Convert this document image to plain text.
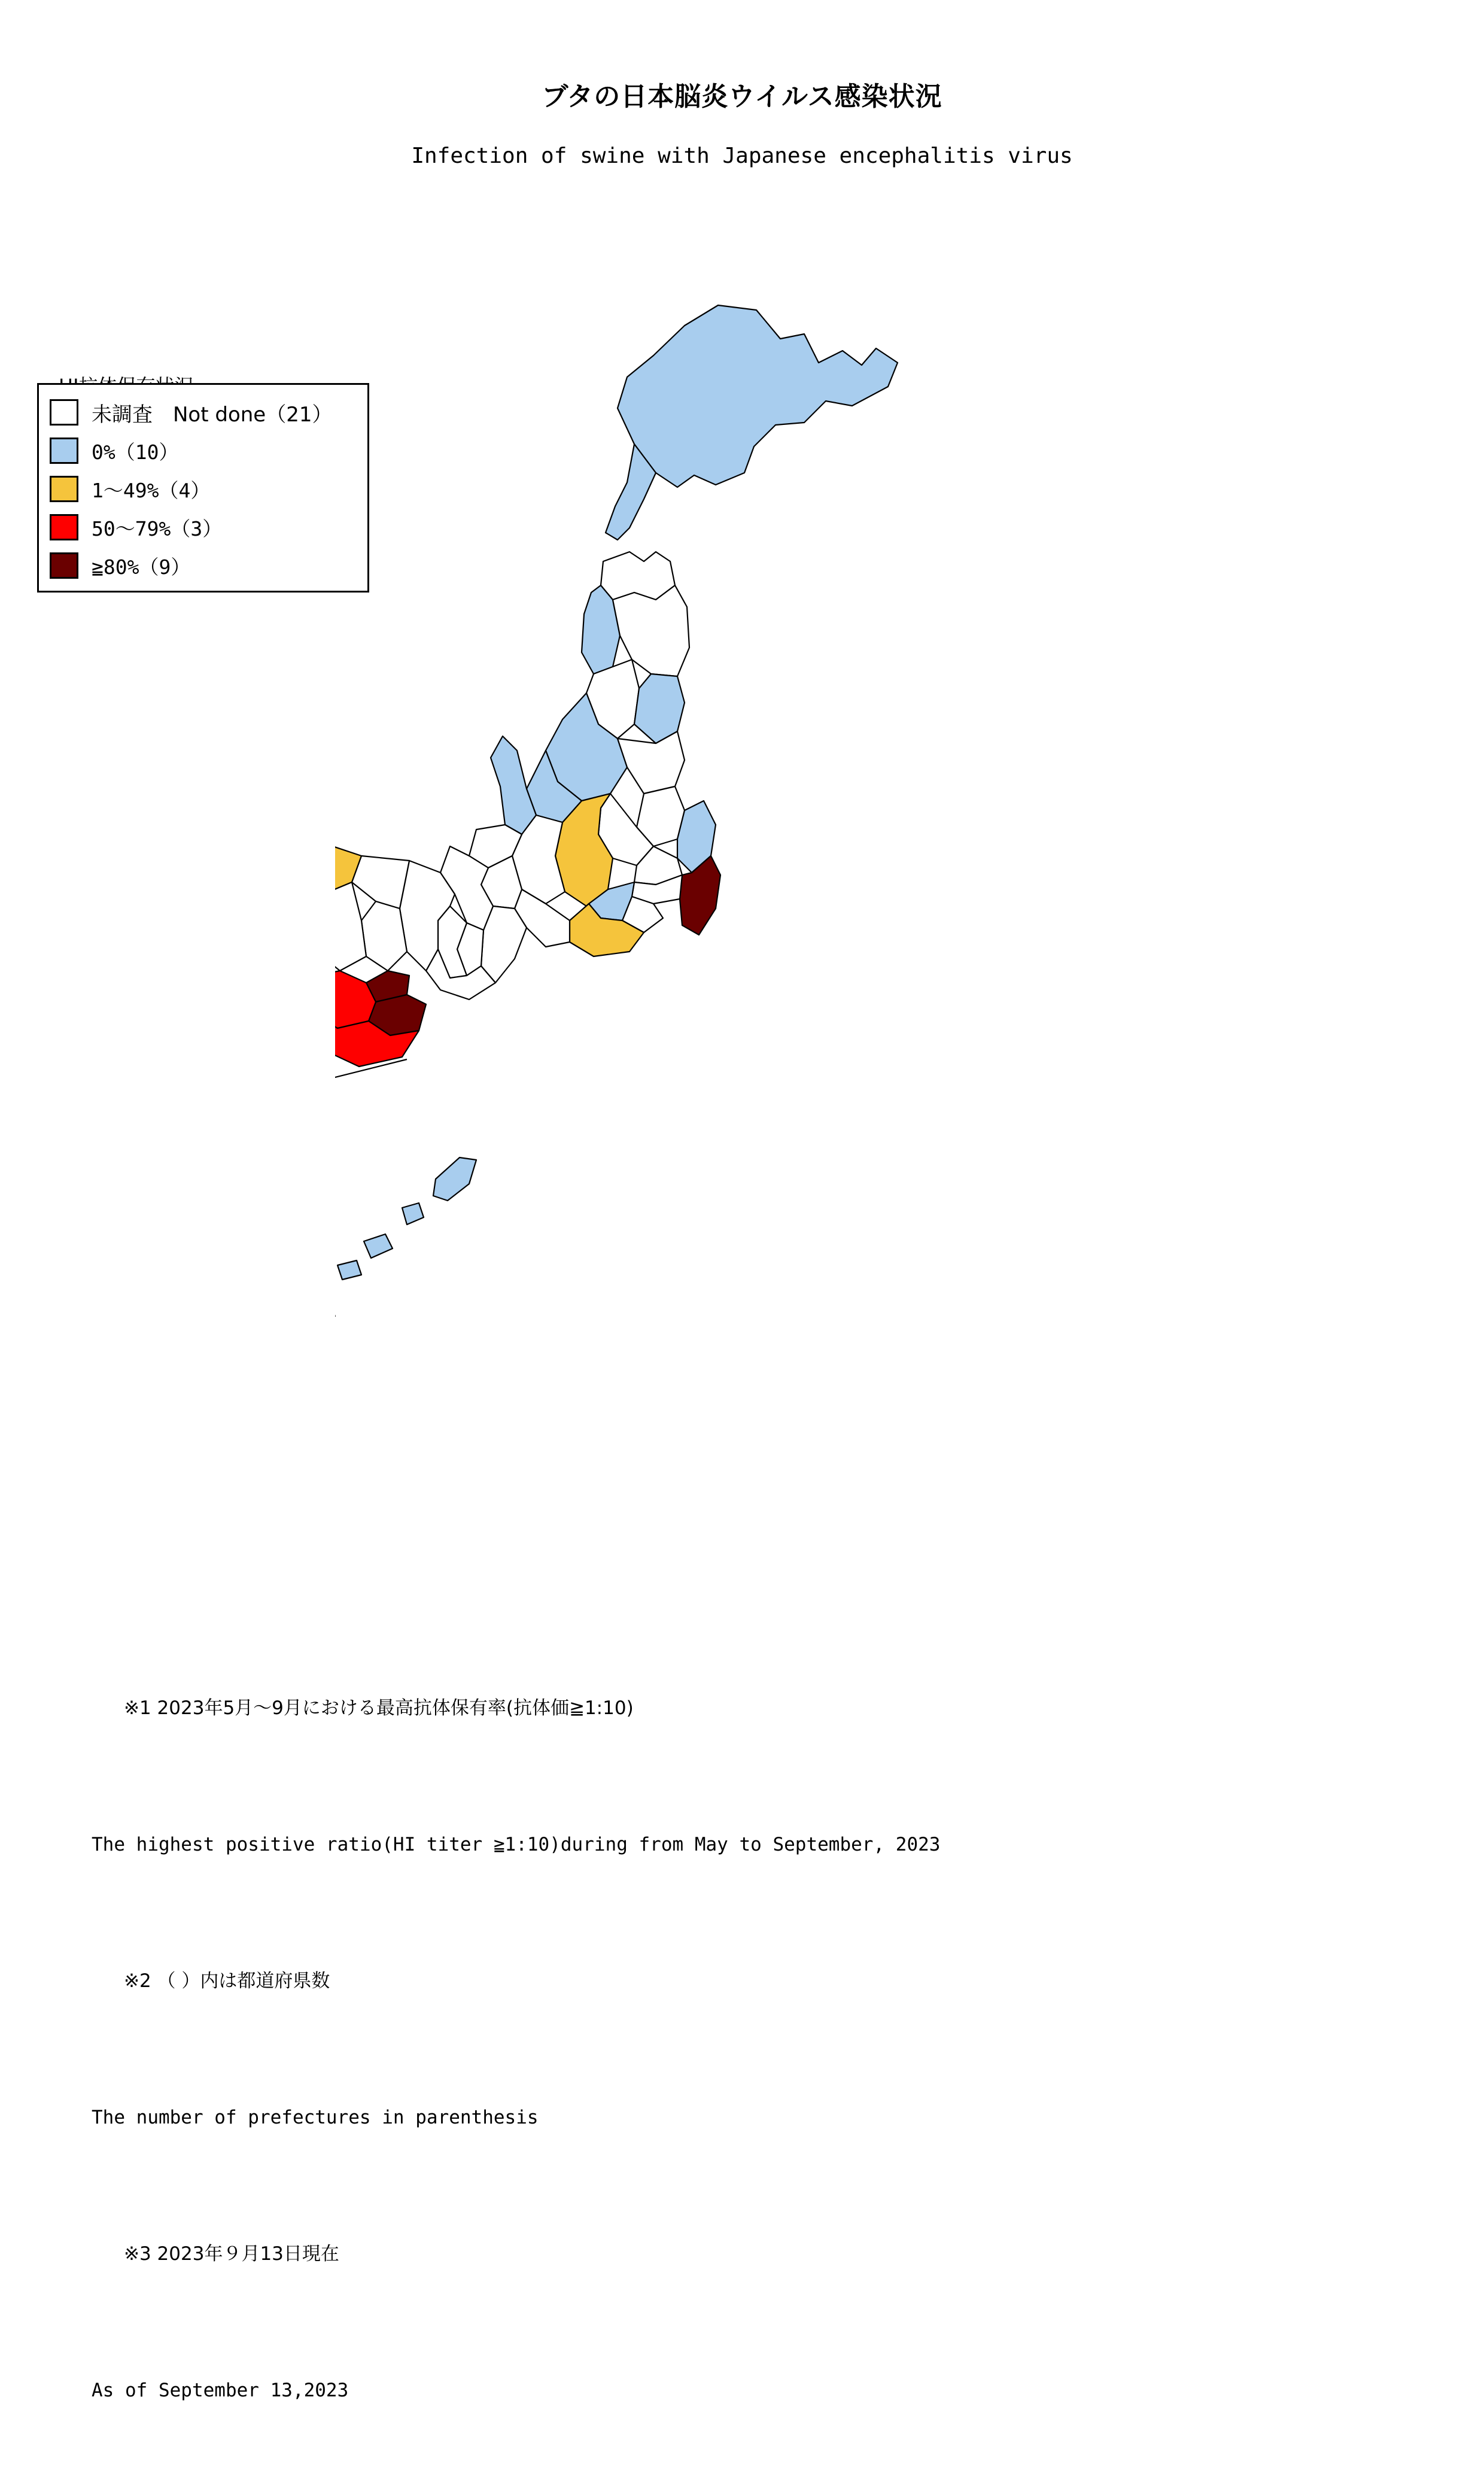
ブタの日本脳炎ウイルス感染状況
Infection of swine with Japanese encephalitis virus

未調査　Not done（21）
0%（10）
1〜49%（4）
50〜79%（3）
≧80%（9）

※1 2023年5月〜9月における最高抗体保有率(抗体価≧1:10)

The highest positive ratio(HI titer ≧1:10)during from May to September, 2023

※2 （ ）内は都道府県数

The number of prefectures in parenthesis

※3 2023年９月13日現在

As of September 13,2023
